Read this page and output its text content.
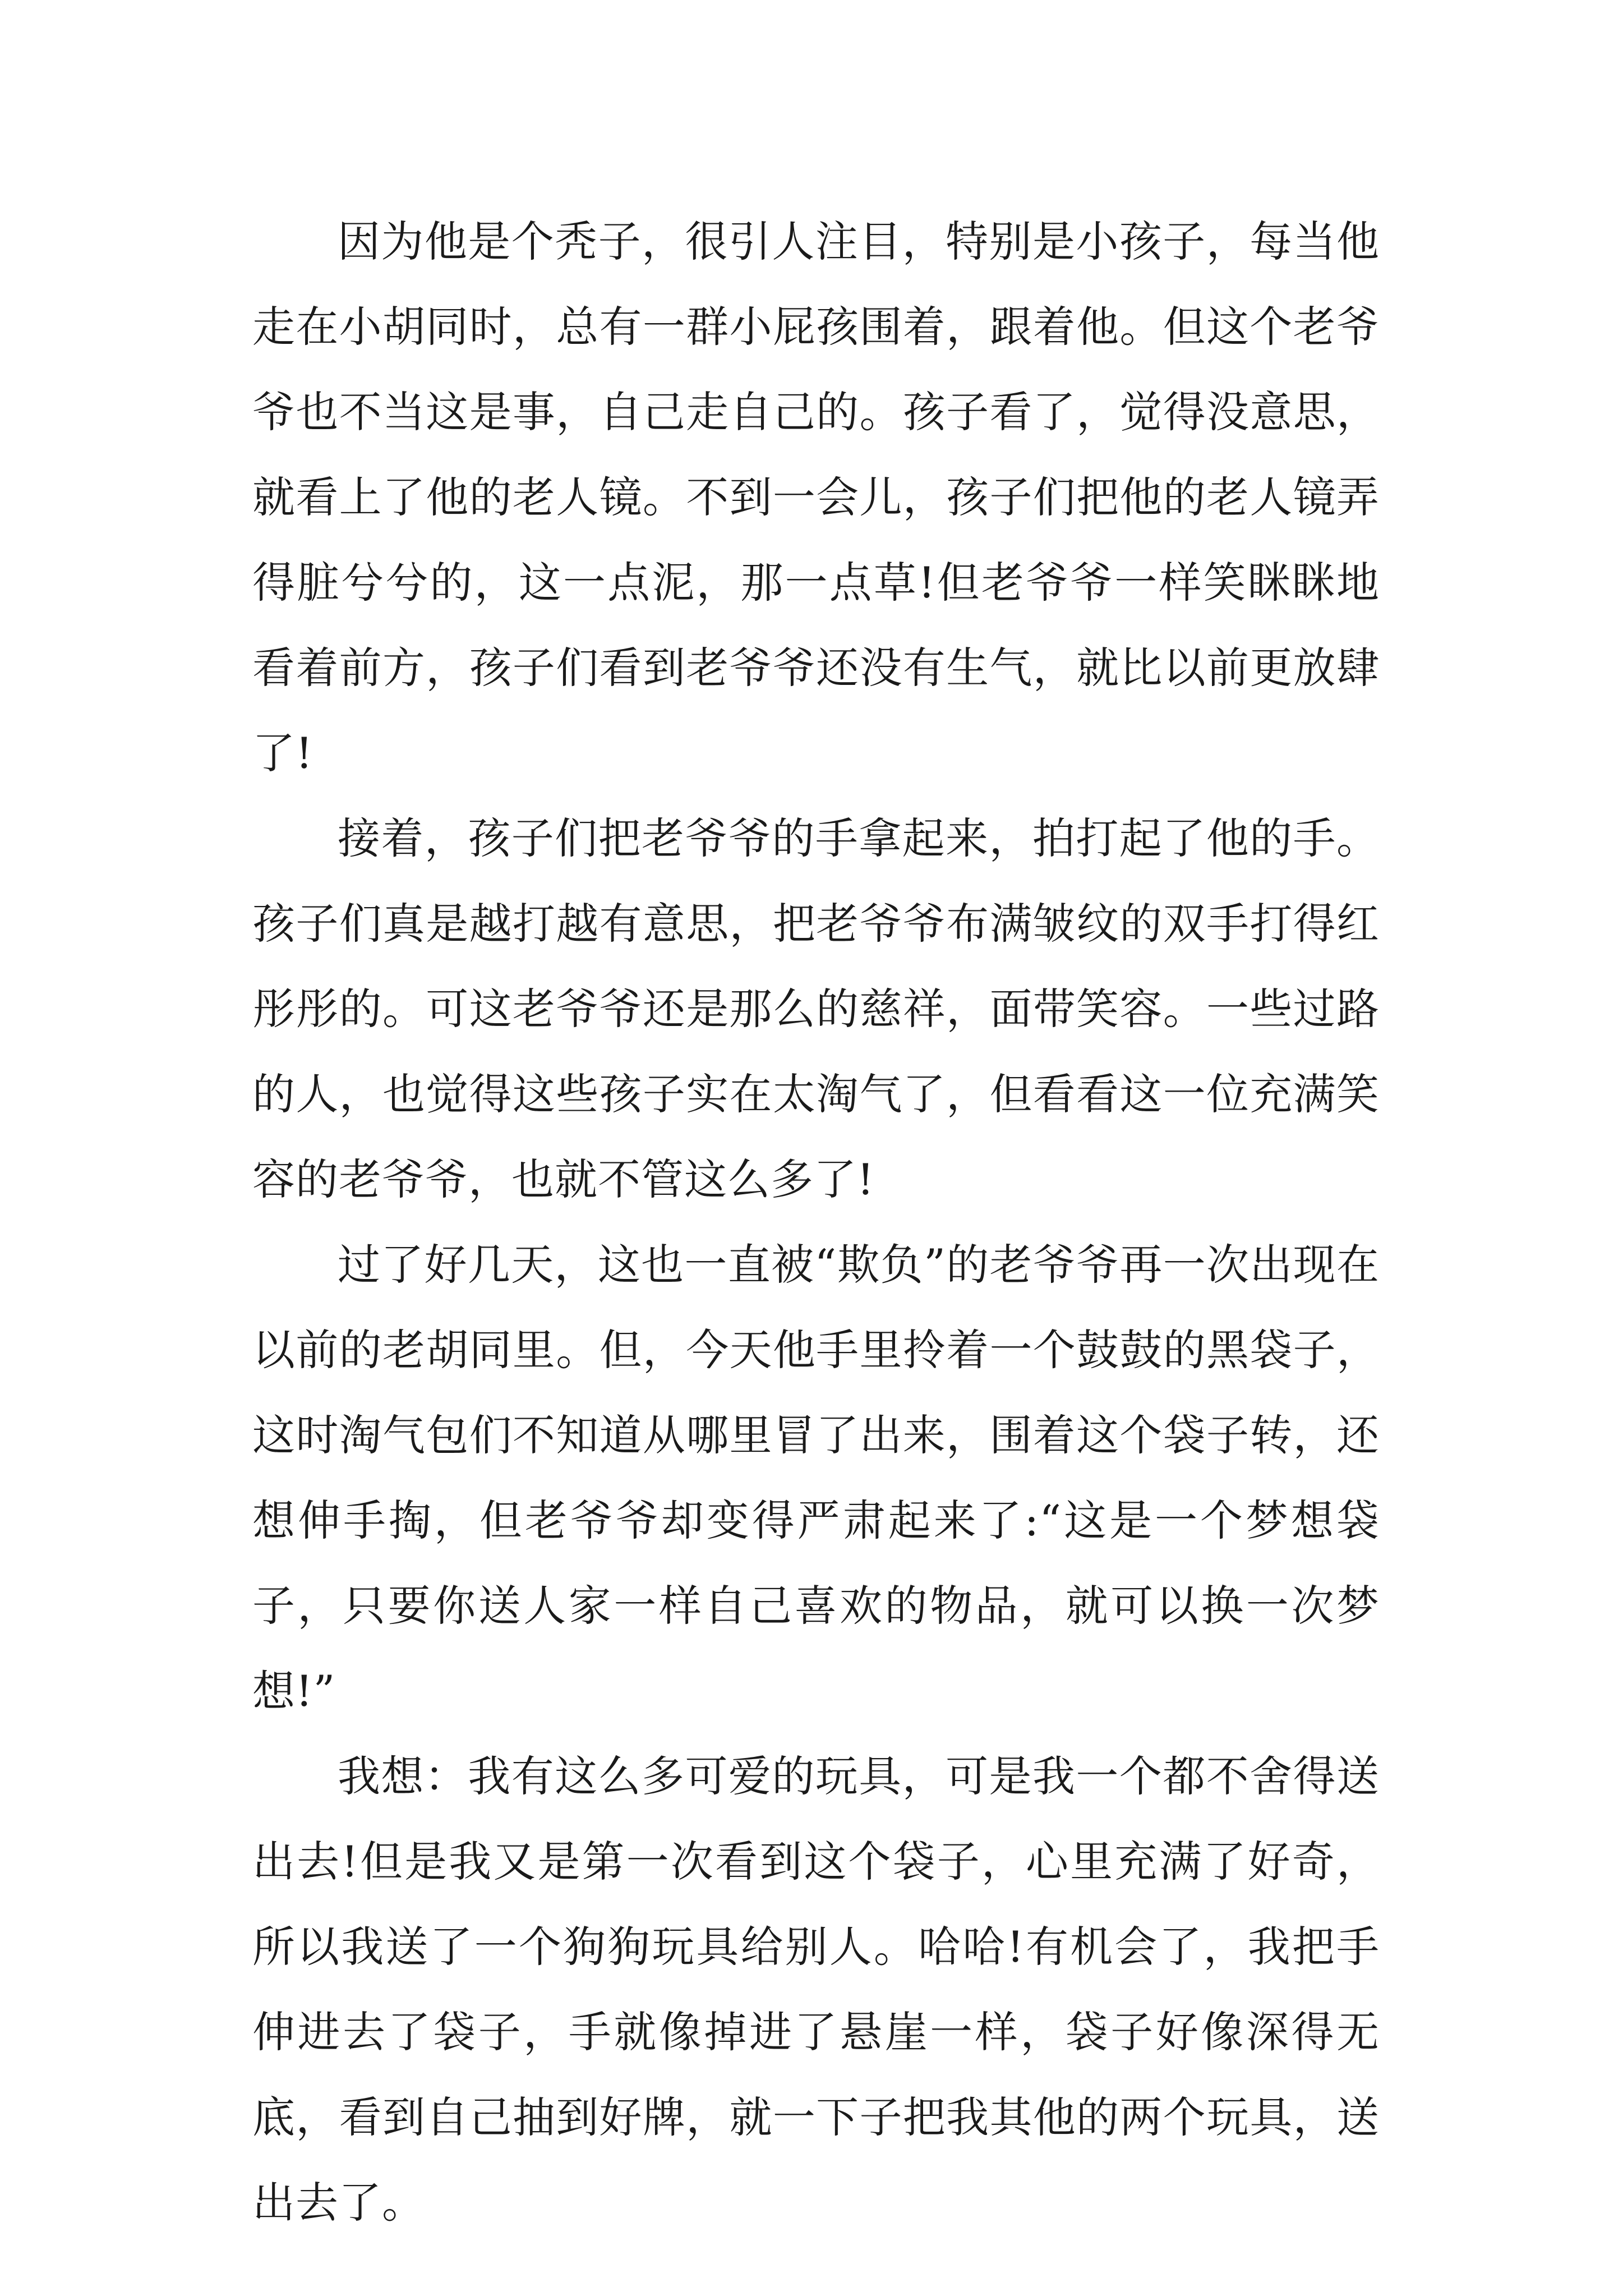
因为他是个秃子，很引人注目，特别是小孩子，每当他走在小胡同时，总有一群小屁孩围着，跟着他。但这个老爷爷也不当这是事，自己走自己的。孩子看了，觉得没意思，就看上了他的老人镜。不到一会儿，孩子们把他的老人镜弄得脏兮兮的，这一点泥，那一点草!但老爷爷一样笑眯眯地看着前方，孩子们看到老爷爷还没有生气，就比以前更放肆了!

接着，孩子们把老爷爷的手拿起来，拍打起了他的手。孩子们真是越打越有意思，把老爷爷布满皱纹的双手打得红彤彤的。可这老爷爷还是那么的慈祥，面带笑容。一些过路的人，也觉得这些孩子实在太淘气了，但看看这一位充满笑容的老爷爷，也就不管这么多了!

过了好几天，这也一直被“欺负”的老爷爷再一次出现在以前的老胡同里。但，今天他手里拎着一个鼓鼓的黑袋子，这时淘气包们不知道从哪里冒了出来，围着这个袋子转，还想伸手掏，但老爷爷却变得严肃起来了:“这是一个梦想袋子，只要你送人家一样自己喜欢的物品，就可以换一次梦想!”

我想：我有这么多可爱的玩具，可是我一个都不舍得送出去!但是我又是第一次看到这个袋子，心里充满了好奇，所以我送了一个狗狗玩具给别人。哈哈!有机会了，我把手伸进去了袋子，手就像掉进了悬崖一样，袋子好像深得无底，看到自己抽到好牌，就一下子把我其他的两个玩具，送出去了。
